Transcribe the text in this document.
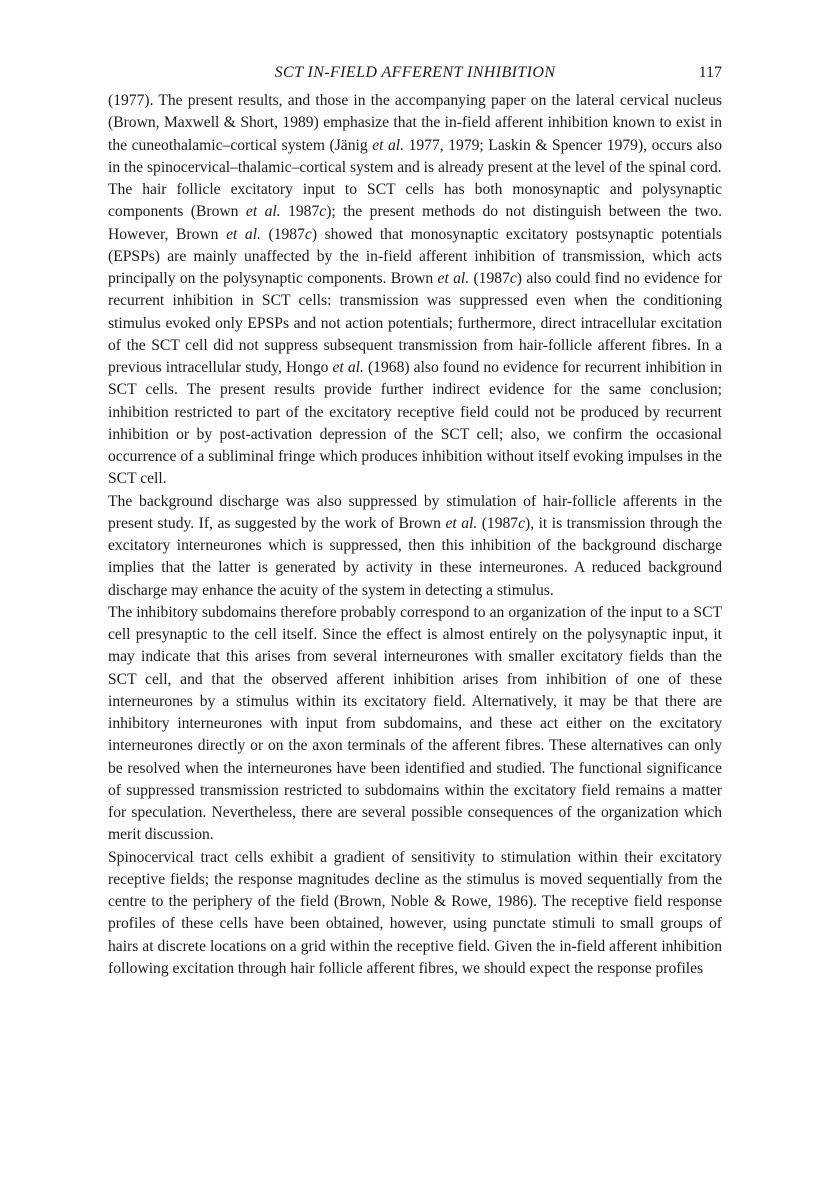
SCT IN-FIELD AFFERENT INHIBITION	117

(1977). The present results, and those in the accompanying paper on the lateral cervical nucleus (Brown, Maxwell & Short, 1989) emphasize that the in-field afferent inhibition known to exist in the cuneothalamic–cortical system (Jänig et al. 1977, 1979; Laskin & Spencer 1979), occurs also in the spinocervical–thalamic–cortical system and is already present at the level of the spinal cord.

The hair follicle excitatory input to SCT cells has both monosynaptic and polysynaptic components (Brown et al. 1987c); the present methods do not distinguish between the two. However, Brown et al. (1987c) showed that monosynaptic excitatory postsynaptic potentials (EPSPs) are mainly unaffected by the in-field afferent inhibition of transmission, which acts principally on the polysynaptic components. Brown et al. (1987c) also could find no evidence for recurrent inhibition in SCT cells: transmission was suppressed even when the conditioning stimulus evoked only EPSPs and not action potentials; furthermore, direct intracellular excitation of the SCT cell did not suppress subsequent transmission from hair-follicle afferent fibres. In a previous intracellular study, Hongo et al. (1968) also found no evidence for recurrent inhibition in SCT cells. The present results provide further indirect evidence for the same conclusion; inhibition restricted to part of the excitatory receptive field could not be produced by recurrent inhibition or by post-activation depression of the SCT cell; also, we confirm the occasional occurrence of a subliminal fringe which produces inhibition without itself evoking impulses in the SCT cell.

The background discharge was also suppressed by stimulation of hair-follicle afferents in the present study. If, as suggested by the work of Brown et al. (1987c), it is transmission through the excitatory interneurones which is suppressed, then this inhibition of the background discharge implies that the latter is generated by activity in these interneurones. A reduced background discharge may enhance the acuity of the system in detecting a stimulus.

The inhibitory subdomains therefore probably correspond to an organization of the input to a SCT cell presynaptic to the cell itself. Since the effect is almost entirely on the polysynaptic input, it may indicate that this arises from several interneurones with smaller excitatory fields than the SCT cell, and that the observed afferent inhibition arises from inhibition of one of these interneurones by a stimulus within its excitatory field. Alternatively, it may be that there are inhibitory interneurones with input from subdomains, and these act either on the excitatory interneurones directly or on the axon terminals of the afferent fibres. These alternatives can only be resolved when the interneurones have been identified and studied. The functional significance of suppressed transmission restricted to subdomains within the excitatory field remains a matter for speculation. Nevertheless, there are several possible consequences of the organization which merit discussion.

Spinocervical tract cells exhibit a gradient of sensitivity to stimulation within their excitatory receptive fields; the response magnitudes decline as the stimulus is moved sequentially from the centre to the periphery of the field (Brown, Noble & Rowe, 1986). The receptive field response profiles of these cells have been obtained, however, using punctate stimuli to small groups of hairs at discrete locations on a grid within the receptive field. Given the in-field afferent inhibition following excitation through hair follicle afferent fibres, we should expect the response profiles
